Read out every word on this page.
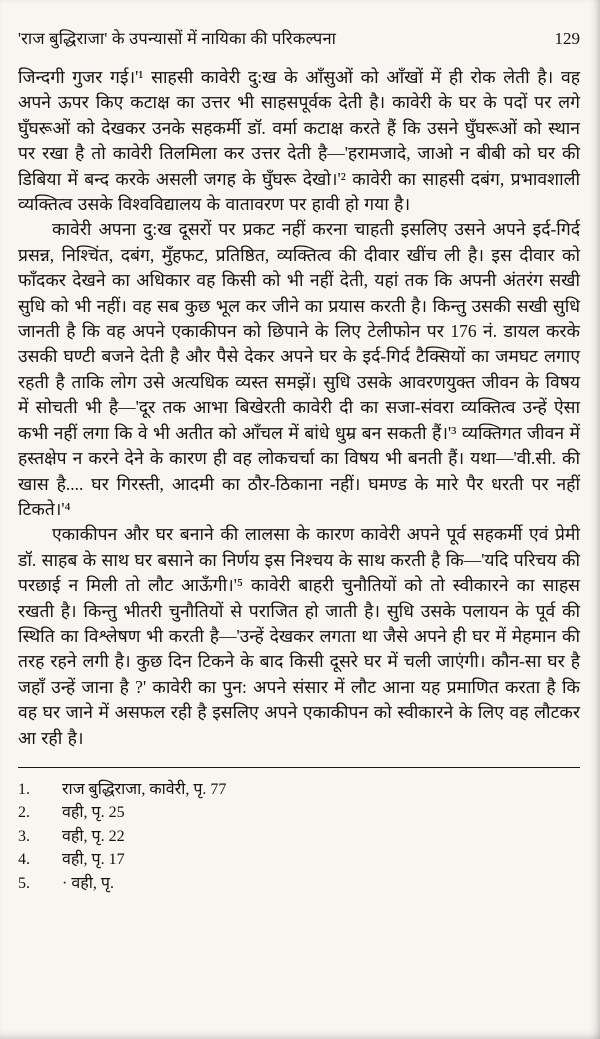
'राज बुद्धिराजा' के उपन्यासों में नायिका की परिकल्पना	129

जिन्दगी गुजर गई।'¹ साहसी कावेरी दु:ख के आँसुओं को आँखों में ही रोक लेती है। वह अपने ऊपर किए कटाक्ष का उत्तर भी साहसपूर्वक देती है। कावेरी के घर के पदों पर लगे घुँघरूओं को देखकर उनके सहकर्मी डॉ. वर्मा कटाक्ष करते हैं कि उसने घुँघरूओं को स्थान पर रखा है तो कावेरी तिलमिला कर उत्तर देती है—'हरामजादे, जाओ न बीबी को घर की डिबिया में बन्द करके असली जगह के घुँघरू देखो।'² कावेरी का साहसी दबंग, प्रभावशाली व्यक्तित्व उसके विश्वविद्यालय के वातावरण पर हावी हो गया है।

कावेरी अपना दु:ख दूसरों पर प्रकट नहीं करना चाहती इसलिए उसने अपने इर्द-गिर्द प्रसन्न, निश्चिंत, दबंग, मुँहफट, प्रतिष्ठित, व्यक्तित्व की दीवार खींच ली है। इस दीवार को फाँदकर देखने का अधिकार वह किसी को भी नहीं देती, यहां तक कि अपनी अंतरंग सखी सुधि को भी नहीं। वह सब कुछ भूल कर जीने का प्रयास करती है। किन्तु उसकी सखी सुधि जानती है कि वह अपने एकाकीपन को छिपाने के लिए टेलीफोन पर 176 नं. डायल करके उसकी घण्टी बजने देती है और पैसे देकर अपने घर के इर्द-गिर्द टैक्सियों का जमघट लगाए रहती है ताकि लोग उसे अत्यधिक व्यस्त समझें। सुधि उसके आवरणयुक्त जीवन के विषय में सोचती भी है—'दूर तक आभा बिखेरती कावेरी दी का सजा-संवरा व्यक्तित्व उन्हें ऐसा कभी नहीं लगा कि वे भी अतीत को आँचल में बांधे धुम्र बन सकती हैं।'³ व्यक्तिगत जीवन में हस्तक्षेप न करने देने के कारण ही वह लोकचर्चा का विषय भी बनती हैं। यथा—'वी.सी. की खास है.... घर गिरस्ती, आदमी का ठौर-ठिकाना नहीं। घमण्ड के मारे पैर धरती पर नहीं टिकते।'⁴

एकाकीपन और घर बनाने की लालसा के कारण कावेरी अपने पूर्व सहकर्मी एवं प्रेमी डॉ. साहब के साथ घर बसाने का निर्णय इस निश्चय के साथ करती है कि—'यदि परिचय की परछाई न मिली तो लौट आऊँगी।'⁵ कावेरी बाहरी चुनौतियों को तो स्वीकारने का साहस रखती है। किन्तु भीतरी चुनौतियों से पराजित हो जाती है। सुधि उसके पलायन के पूर्व की स्थिति का विश्लेषण भी करती है—'उन्हें देखकर लगता था जैसे अपने ही घर में मेहमान की तरह रहने लगी है। कुछ दिन टिकने के बाद किसी दूसरे घर में चली जाएंगी। कौन-सा घर है जहाँ उन्हें जाना है ?' कावेरी का पुन: अपने संसार में लौट आना यह प्रमाणित करता है कि वह घर जाने में असफल रही है इसलिए अपने एकाकीपन को स्वीकारने के लिए वह लौटकर आ रही है।

1.	राज बुद्धिराजा, कावेरी, पृ. 77
2.	वही, पृ. 25
3.	वही, पृ. 22
4.	वही, पृ. 17
5.	· वही, पृ.
